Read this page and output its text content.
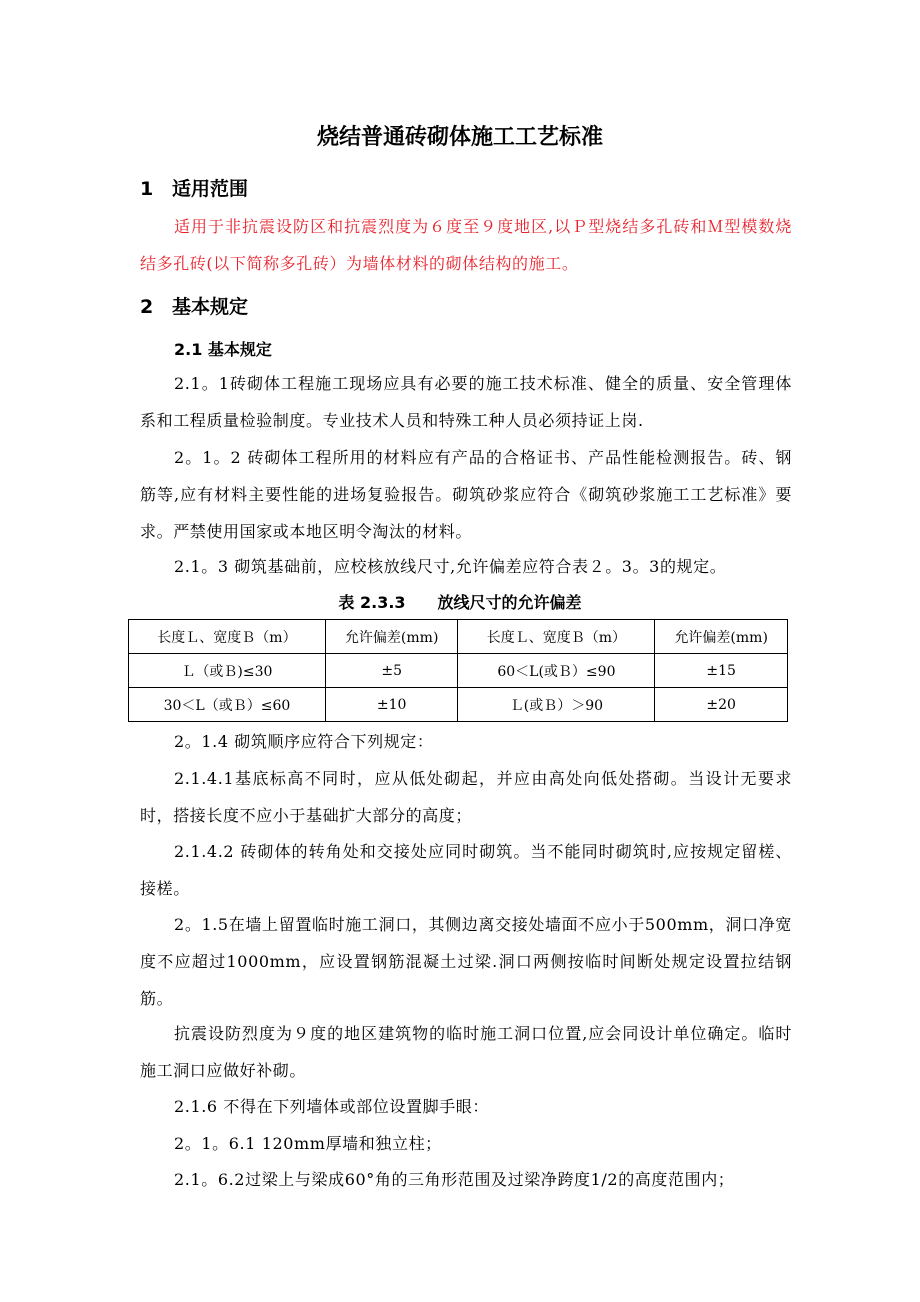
烧结普通砖砌体施工工艺标准
1 适用范围
适用于非抗震设防区和抗震烈度为６度至９度地区,以Ｐ型烧结多孔砖和Ｍ型模数烧结多孔砖(以下简称多孔砖）为墙体材料的砌体结构的施工。
2 基本规定
2.1 基本规定
2.1。1砖砌体工程施工现场应具有必要的施工技术标准、健全的质量、安全管理体系和工程质量检验制度。专业技术人员和特殊工种人员必须持证上岗.
2。1。2 砖砌体工程所用的材料应有产品的合格证书、产品性能检测报告。砖、钢筋等,应有材料主要性能的进场复验报告。砌筑砂浆应符合《砌筑砂浆施工工艺标准》要求。严禁使用国家或本地区明令淘汰的材料。
2.1。3 砌筑基础前，应校核放线尺寸,允许偏差应符合表２。3。3的规定。
表 2.3.3　　放线尺寸的允许偏差
长度Ｌ、宽度Ｂ（m）	允许偏差(mm)	长度Ｌ、宽度Ｂ（m）	允许偏差(mm)
Ｌ（或Ｂ)≤30	±5	60＜L(或Ｂ）≤90	±15
30＜L（或Ｂ）≤60	±10	Ｌ(或Ｂ）＞90	±20
2。1.4 砌筑顺序应符合下列规定：
2.1.4.1基底标高不同时，应从低处砌起，并应由高处向低处搭砌。当设计无要求时，搭接长度不应小于基础扩大部分的高度；
2.1.4.2 砖砌体的转角处和交接处应同时砌筑。当不能同时砌筑时,应按规定留槎、接槎。
2。1.5在墙上留置临时施工洞口，其侧边离交接处墙面不应小于500mm，洞口净宽度不应超过1000mm，应设置钢筋混凝土过梁.洞口两侧按临时间断处规定设置拉结钢筋。
抗震设防烈度为９度的地区建筑物的临时施工洞口位置,应会同设计单位确定。临时施工洞口应做好补砌。
2.1.6 不得在下列墙体或部位设置脚手眼：
2。1。6.1 120mm厚墙和独立柱；
2.1。6.2过梁上与梁成60°角的三角形范围及过梁净跨度1/2的高度范围内；
